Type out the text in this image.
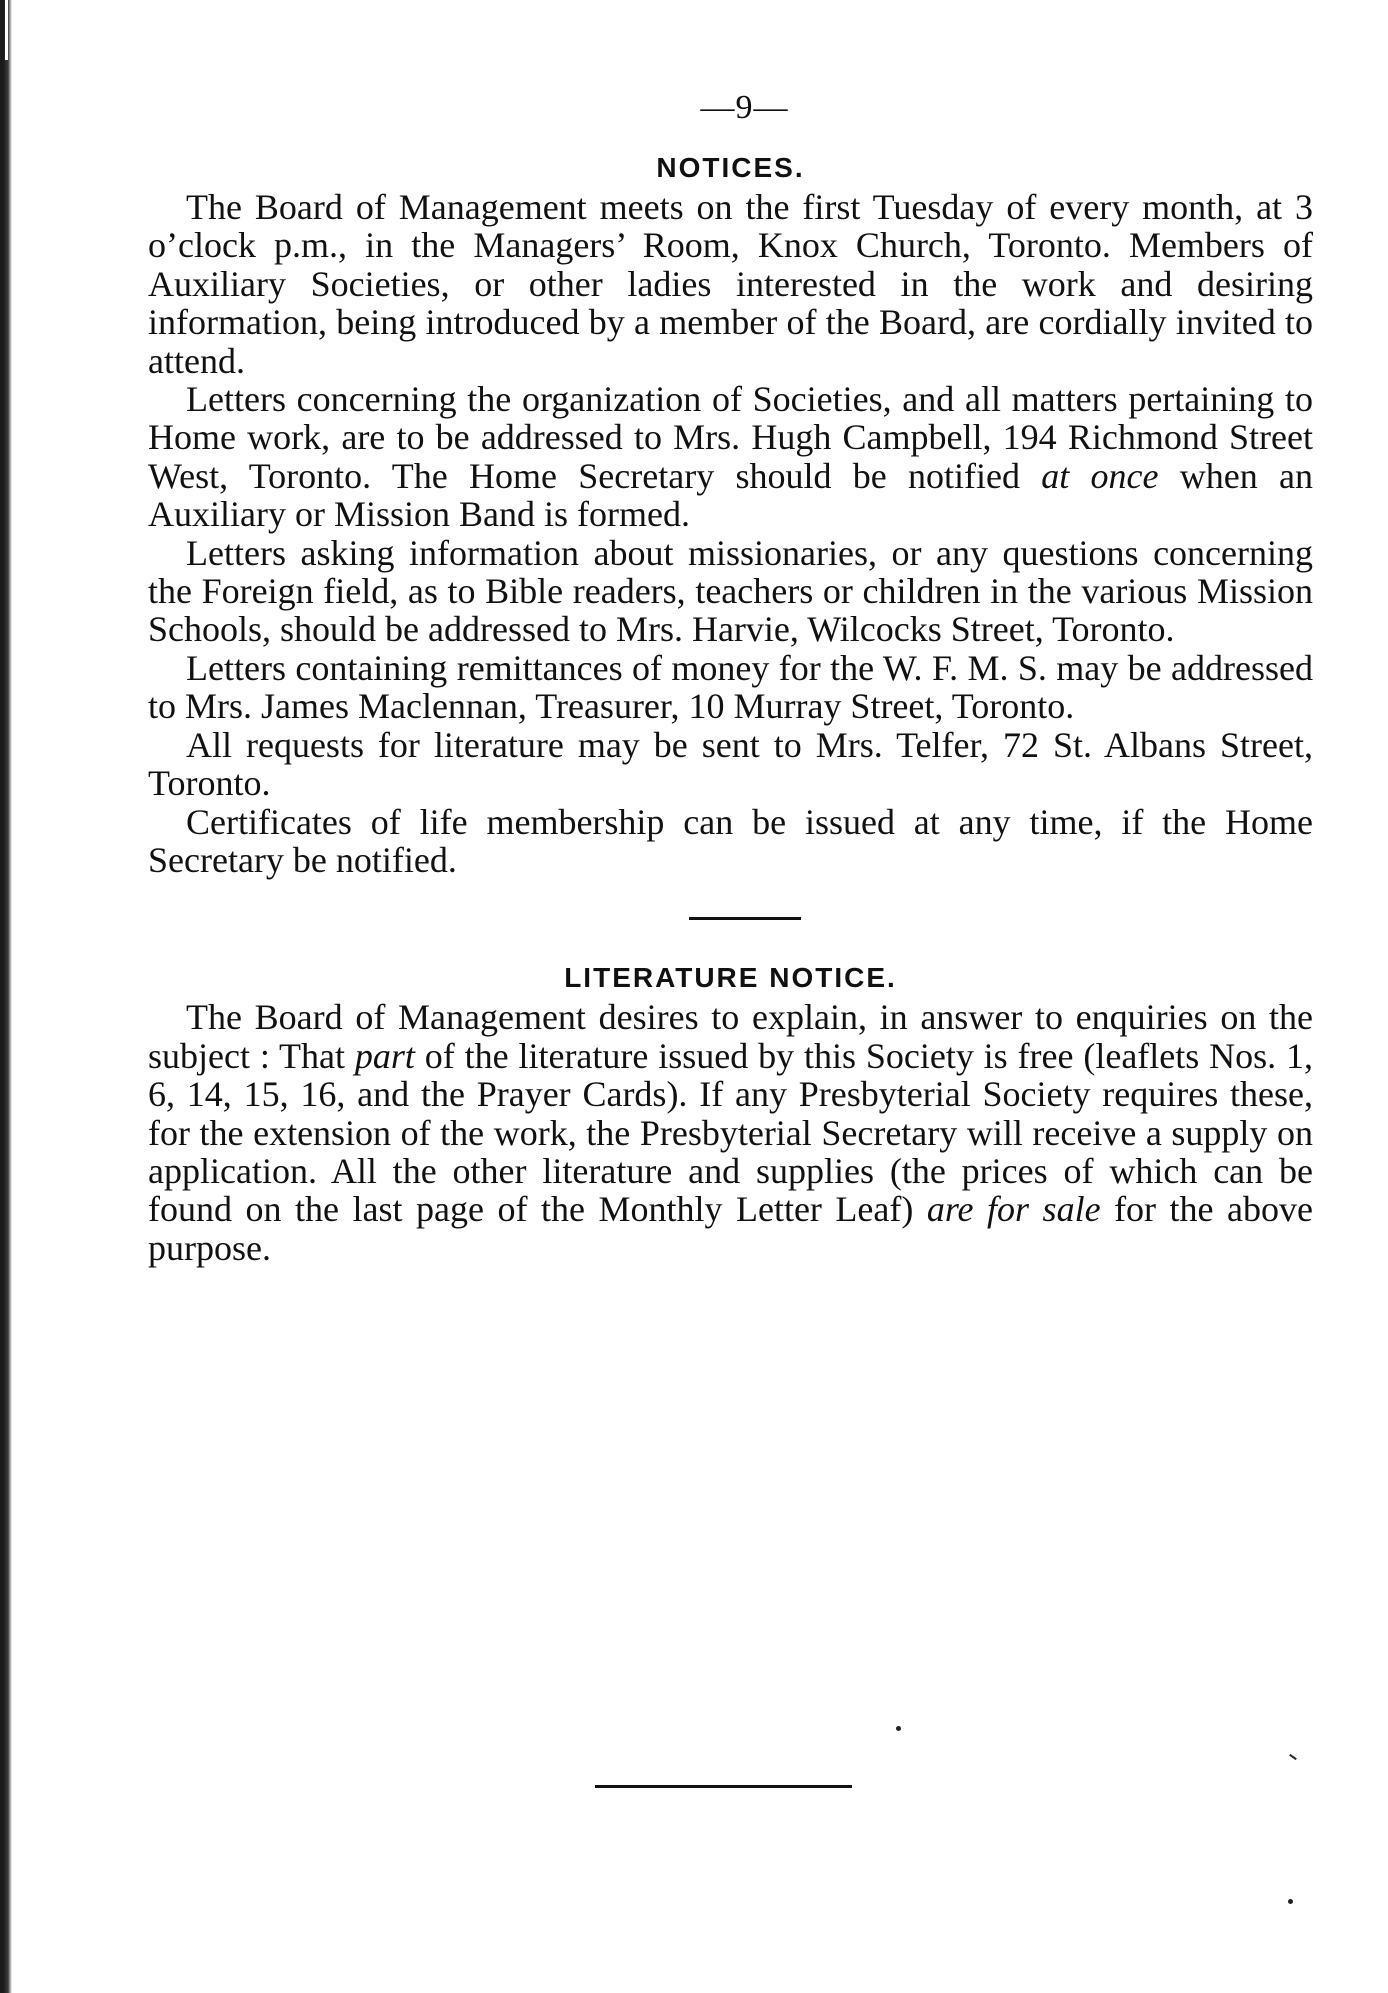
—9—
NOTICES.

The Board of Management meets on the first Tuesday of every month, at 3 o’clock p.m., in the Managers’ Room, Knox Church, Toronto. Members of Auxiliary Societies, or other ladies interested in the work and desiring information, being introduced by a member of the Board, are cordially invited to attend.

Letters concerning the organization of Societies, and all matters pertaining to Home work, are to be addressed to Mrs. Hugh Campbell, 194 Richmond Street West, Toronto. The Home Secretary should be notified at once when an Auxiliary or Mission Band is formed.

Letters asking information about missionaries, or any questions concerning the Foreign field, as to Bible readers, teachers or children in the various Mission Schools, should be addressed to Mrs. Harvie, Wilcocks Street, Toronto.

Letters containing remittances of money for the W. F. M. S. may be addressed to Mrs. James Maclennan, Treasurer, 10 Murray Street, Toronto.

All requests for literature may be sent to Mrs. Telfer, 72 St. Albans Street, Toronto.

Certificates of life membership can be issued at any time, if the Home Secretary be notified.

LITERATURE NOTICE.

The Board of Management desires to explain, in answer to enquiries on the subject : That part of the literature issued by this Society is free (leaflets Nos. 1, 6, 14, 15, 16, and the Prayer Cards). If any Presbyterial Society requires these, for the extension of the work, the Presbyterial Secretary will receive a supply on application. All the other literature and supplies (the prices of which can be found on the last page of the Monthly Letter Leaf) are for sale for the above purpose.
